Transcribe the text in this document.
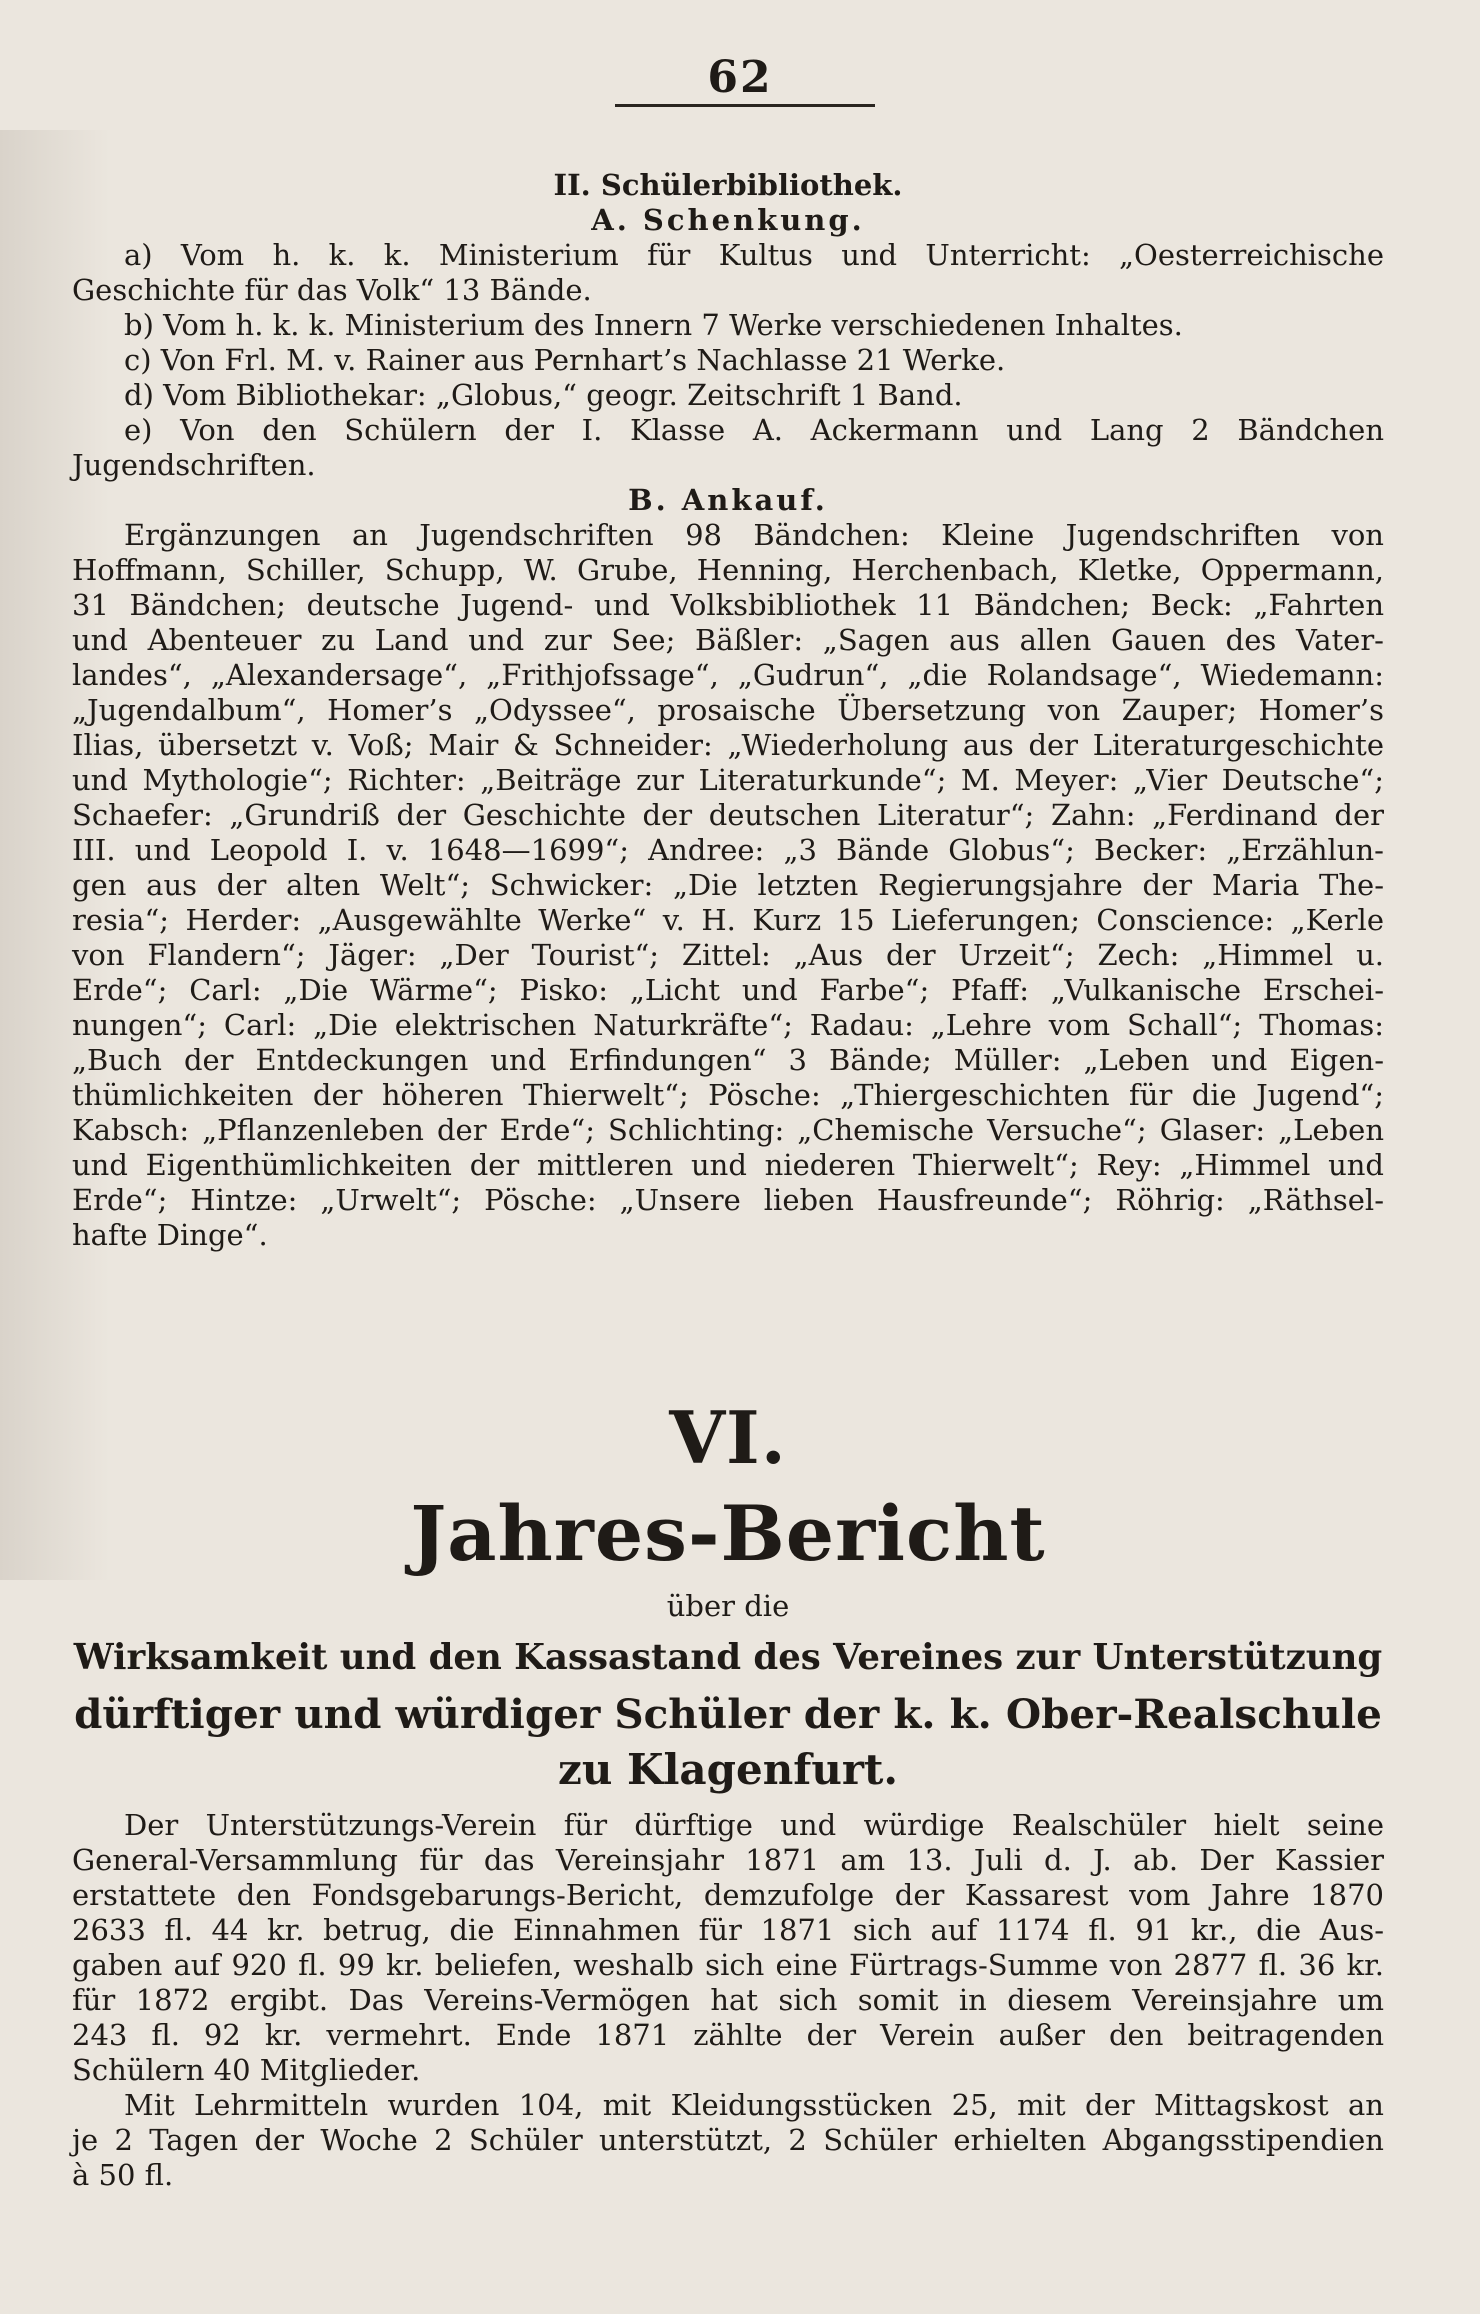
62
II. Schülerbibliothek.
A. Schenkung.
a) Vom h. k. k. Ministerium für Kultus und Unterricht: „Oesterreichische
Geschichte für das Volk“ 13 Bände.
b) Vom h. k. k. Ministerium des Innern 7 Werke verschiedenen Inhaltes.
c) Von Frl. M. v. Rainer aus Pernhart’s Nachlasse 21 Werke.
d) Vom Bibliothekar: „Globus,“ geogr. Zeitschrift 1 Band.
e) Von den Schülern der I. Klasse A. Ackermann und Lang 2 Bändchen
Jugendschriften.
B. Ankauf.
Ergänzungen an Jugendschriften 98 Bändchen: Kleine Jugendschriften von
Hoffmann, Schiller, Schupp, W. Grube, Henning, Herchenbach, Kletke, Oppermann,
31 Bändchen; deutsche Jugend- und Volksbibliothek 11 Bändchen; Beck: „Fahrten
und Abenteuer zu Land und zur See; Bäßler: „Sagen aus allen Gauen des Vater-
landes“, „Alexandersage“, „Frithjofssage“, „Gudrun“, „die Rolandsage“, Wiedemann:
„Jugendalbum“, Homer’s „Odyssee“, prosaische Übersetzung von Zauper; Homer’s
Ilias, übersetzt v. Voß; Mair & Schneider: „Wiederholung aus der Literaturgeschichte
und Mythologie“; Richter: „Beiträge zur Literaturkunde“; M. Meyer: „Vier Deutsche“;
Schaefer: „Grundriß der Geschichte der deutschen Literatur“; Zahn: „Ferdinand der
III. und Leopold I. v. 1648—1699“; Andree: „3 Bände Globus“; Becker: „Erzählun-
gen aus der alten Welt“; Schwicker: „Die letzten Regierungsjahre der Maria The-
resia“; Herder: „Ausgewählte Werke“ v. H. Kurz 15 Lieferungen; Conscience: „Kerle
von Flandern“; Jäger: „Der Tourist“; Zittel: „Aus der Urzeit“; Zech: „Himmel u.
Erde“; Carl: „Die Wärme“; Pisko: „Licht und Farbe“; Pfaff: „Vulkanische Erschei-
nungen“; Carl: „Die elektrischen Naturkräfte“; Radau: „Lehre vom Schall“; Thomas:
„Buch der Entdeckungen und Erfindungen“ 3 Bände; Müller: „Leben und Eigen-
thümlichkeiten der höheren Thierwelt“; Pösche: „Thiergeschichten für die Jugend“;
Kabsch: „Pflanzenleben der Erde“; Schlichting: „Chemische Versuche“; Glaser: „Leben
und Eigenthümlichkeiten der mittleren und niederen Thierwelt“; Rey: „Himmel und
Erde“; Hintze: „Urwelt“; Pösche: „Unsere lieben Hausfreunde“; Röhrig: „Räthsel-
hafte Dinge“.
VI.
Jahres-Bericht
über die
Wirksamkeit und den Kassastand des Vereines zur Unterstützung
dürftiger und würdiger Schüler der k. k. Ober-Realschule
zu Klagenfurt.
Der Unterstützungs-Verein für dürftige und würdige Realschüler hielt seine
General-Versammlung für das Vereinsjahr 1871 am 13. Juli d. J. ab. Der Kassier
erstattete den Fondsgebarungs-Bericht, demzufolge der Kassarest vom Jahre 1870
2633 fl. 44 kr. betrug, die Einnahmen für 1871 sich auf 1174 fl. 91 kr., die Aus-
gaben auf 920 fl. 99 kr. beliefen, weshalb sich eine Fürtrags-Summe von 2877 fl. 36 kr.
für 1872 ergibt. Das Vereins-Vermögen hat sich somit in diesem Vereinsjahre um
243 fl. 92 kr. vermehrt. Ende 1871 zählte der Verein außer den beitragenden
Schülern 40 Mitglieder.
Mit Lehrmitteln wurden 104, mit Kleidungsstücken 25, mit der Mittagskost an
je 2 Tagen der Woche 2 Schüler unterstützt, 2 Schüler erhielten Abgangsstipendien
à 50 fl.
